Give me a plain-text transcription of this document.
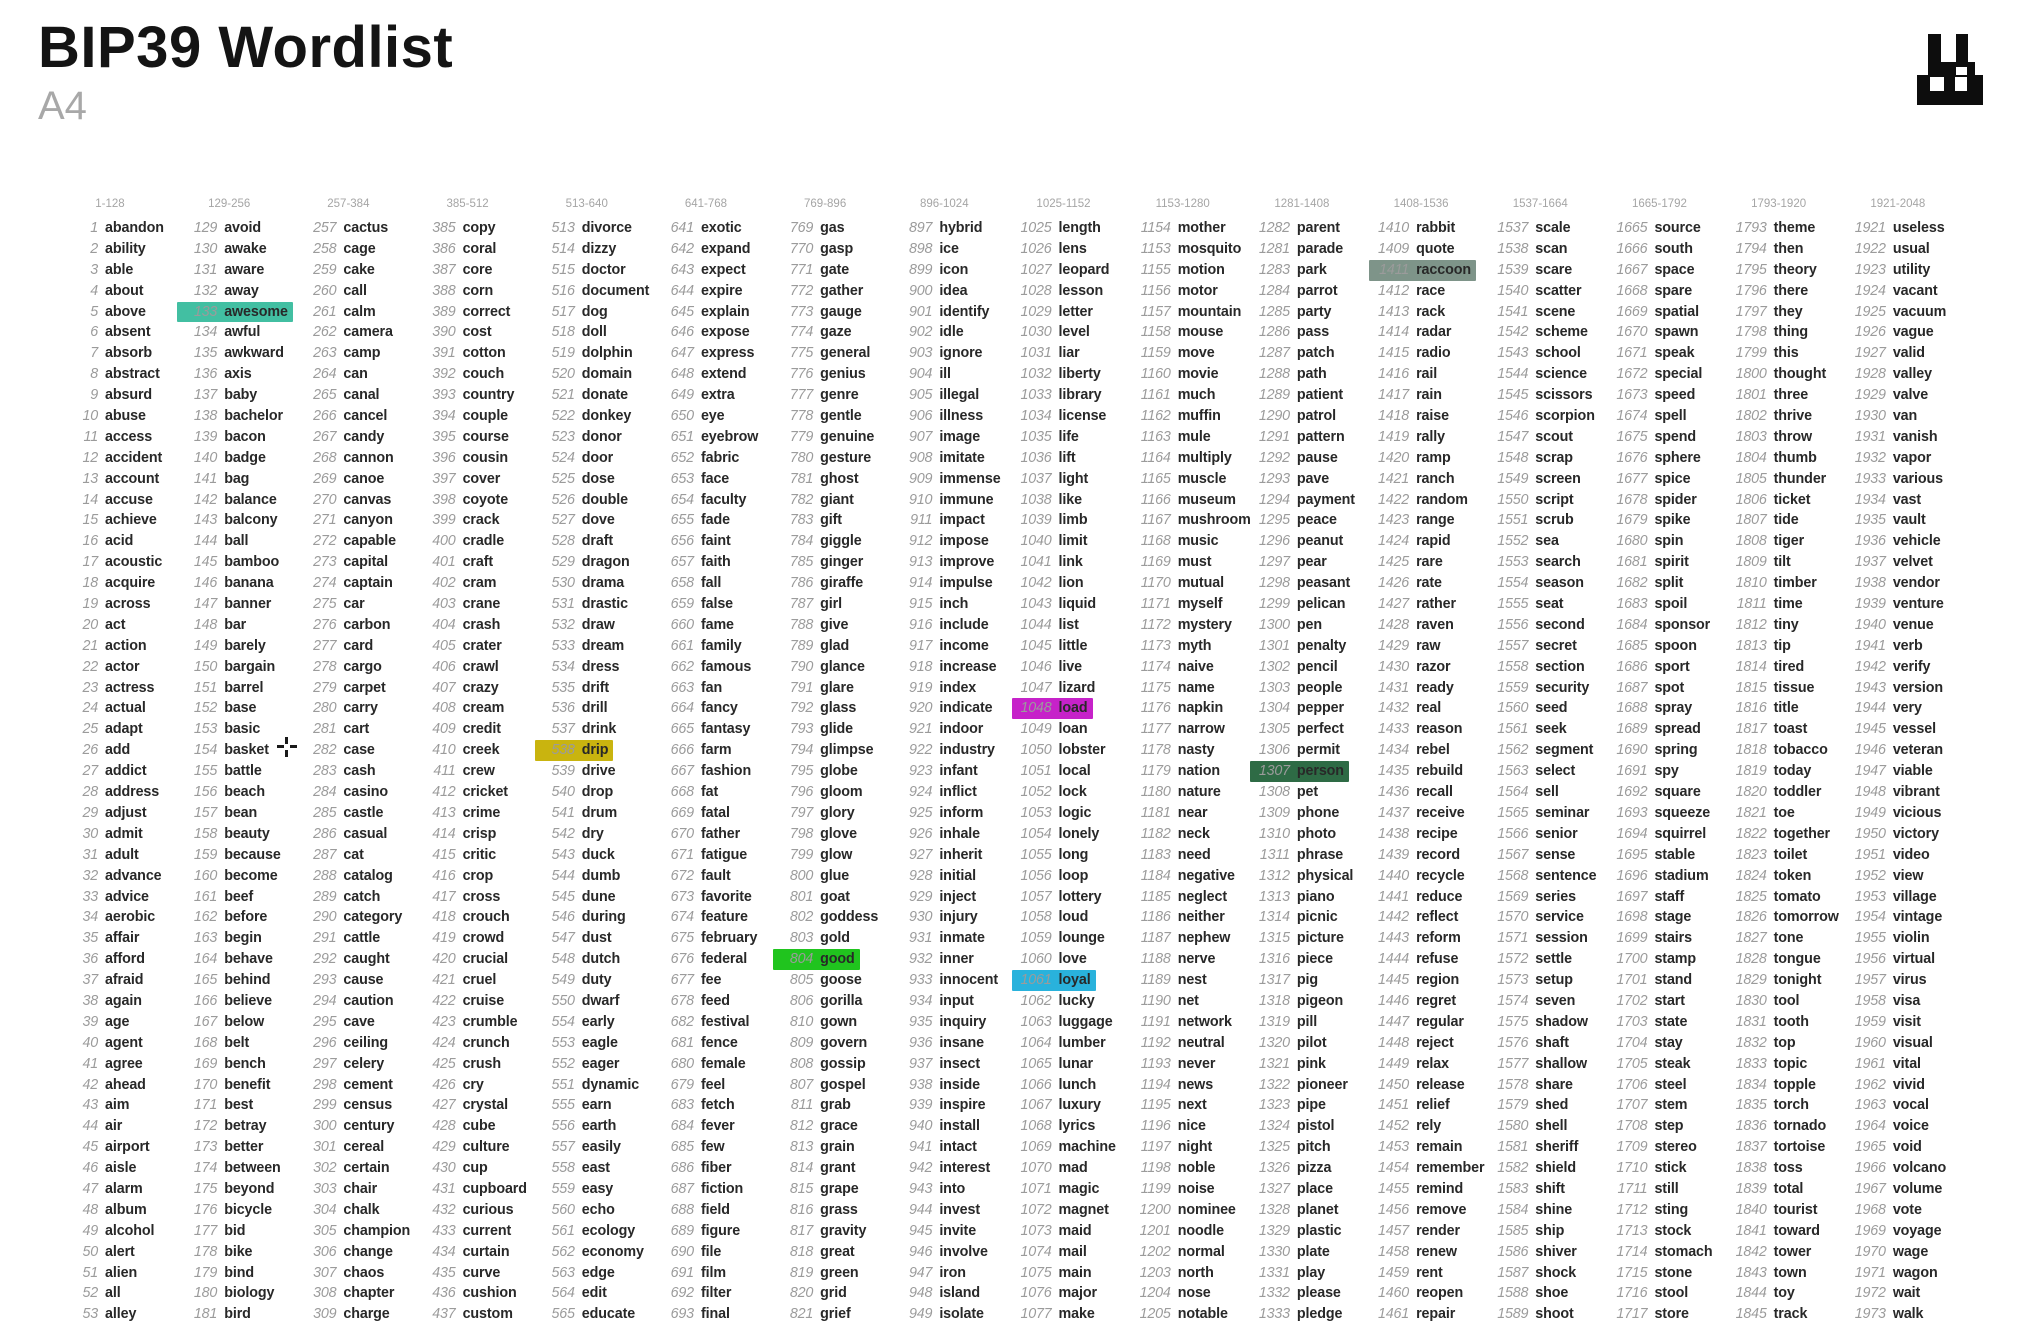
BIP39 Wordlist
A4
1-128
1 abandon
2 ability
3 able
4 about
5 above
6 absent
7 absorb
8 abstract
9 absurd
10 abuse
11 access
12 accident
13 account
14 accuse
15 achieve
16 acid
17 acoustic
18 acquire
19 across
20 act
21 action
22 actor
23 actress
24 actual
25 adapt
26 add
27 addict
28 address
29 adjust
30 admit
31 adult
32 advance
33 advice
34 aerobic
35 affair
36 afford
37 afraid
38 again
39 age
40 agent
41 agree
42 ahead
43 aim
44 air
45 airport
46 aisle
47 alarm
48 album
49 alcohol
50 alert
51 alien
52 all
53 alley
129-256
129 avoid
130 awake
131 aware
132 away
133 awesome
134 awful
135 awkward
136 axis
137 baby
138 bachelor
139 bacon
140 badge
141 bag
142 balance
143 balcony
144 ball
145 bamboo
146 banana
147 banner
148 bar
149 barely
150 bargain
151 barrel
152 base
153 basic
154 basket
155 battle
156 beach
157 bean
158 beauty
159 because
160 become
161 beef
162 before
163 begin
164 behave
165 behind
166 believe
167 below
168 belt
169 bench
170 benefit
171 best
172 betray
173 better
174 between
175 beyond
176 bicycle
177 bid
178 bike
179 bind
180 biology
181 bird
257-384
257 cactus
258 cage
259 cake
260 call
261 calm
262 camera
263 camp
264 can
265 canal
266 cancel
267 candy
268 cannon
269 canoe
270 canvas
271 canyon
272 capable
273 capital
274 captain
275 car
276 carbon
277 card
278 cargo
279 carpet
280 carry
281 cart
282 case
283 cash
284 casino
285 castle
286 casual
287 cat
288 catalog
289 catch
290 category
291 cattle
292 caught
293 cause
294 caution
295 cave
296 ceiling
297 celery
298 cement
299 census
300 century
301 cereal
302 certain
303 chair
304 chalk
305 champion
306 change
307 chaos
308 chapter
309 charge
385-512
385 copy
386 coral
387 core
388 corn
389 correct
390 cost
391 cotton
392 couch
393 country
394 couple
395 course
396 cousin
397 cover
398 coyote
399 crack
400 cradle
401 craft
402 cram
403 crane
404 crash
405 crater
406 crawl
407 crazy
408 cream
409 credit
410 creek
411 crew
412 cricket
413 crime
414 crisp
415 critic
416 crop
417 cross
418 crouch
419 crowd
420 crucial
421 cruel
422 cruise
423 crumble
424 crunch
425 crush
426 cry
427 crystal
428 cube
429 culture
430 cup
431 cupboard
432 curious
433 current
434 curtain
435 curve
436 cushion
437 custom
513-640
513 divorce
514 dizzy
515 doctor
516 document
517 dog
518 doll
519 dolphin
520 domain
521 donate
522 donkey
523 donor
524 door
525 dose
526 double
527 dove
528 draft
529 dragon
530 drama
531 drastic
532 draw
533 dream
534 dress
535 drift
536 drill
537 drink
538 drip
539 drive
540 drop
541 drum
542 dry
543 duck
544 dumb
545 dune
546 during
547 dust
548 dutch
549 duty
550 dwarf
554 early
553 eagle
552 eager
551 dynamic
555 earn
556 earth
557 easily
558 east
559 easy
560 echo
561 ecology
562 economy
563 edge
564 edit
565 educate
641-768
641 exotic
642 expand
643 expect
644 expire
645 explain
646 expose
647 express
648 extend
649 extra
650 eye
651 eyebrow
652 fabric
653 face
654 faculty
655 fade
656 faint
657 faith
658 fall
659 false
660 fame
661 family
662 famous
663 fan
664 fancy
665 fantasy
666 farm
667 fashion
668 fat
669 fatal
670 father
671 fatigue
672 fault
673 favorite
674 feature
675 february
676 federal
677 fee
678 feed
682 festival
681 fence
680 female
679 feel
683 fetch
684 fever
685 few
686 fiber
687 fiction
688 field
689 figure
690 file
691 film
692 filter
693 final
769-896
769 gas
770 gasp
771 gate
772 gather
773 gauge
774 gaze
775 general
776 genius
777 genre
778 gentle
779 genuine
780 gesture
781 ghost
782 giant
783 gift
784 giggle
785 ginger
786 giraffe
787 girl
788 give
789 glad
790 glance
791 glare
792 glass
793 glide
794 glimpse
795 globe
796 gloom
797 glory
798 glove
799 glow
800 glue
801 goat
802 goddess
803 gold
804 good
805 goose
806 gorilla
810 gown
809 govern
808 gossip
807 gospel
811 grab
812 grace
813 grain
814 grant
815 grape
816 grass
817 gravity
818 great
819 green
820 grid
821 grief
896-1024
897 hybrid
898 ice
899 icon
900 idea
901 identify
902 idle
903 ignore
904 ill
905 illegal
906 illness
907 image
908 imitate
909 immense
910 immune
911 impact
912 impose
913 improve
914 impulse
915 inch
916 include
917 income
918 increase
919 index
920 indicate
921 indoor
922 industry
923 infant
924 inflict
925 inform
926 inhale
927 inherit
928 initial
929 inject
930 injury
931 inmate
932 inner
933 innocent
934 input
935 inquiry
936 insane
937 insect
938 inside
939 inspire
940 install
941 intact
942 interest
943 into
944 invest
945 invite
946 involve
947 iron
948 island
949 isolate
1025-1152
1025 length
1026 lens
1027 leopard
1028 lesson
1029 letter
1030 level
1031 liar
1032 liberty
1033 library
1034 license
1035 life
1036 lift
1037 light
1038 like
1039 limb
1040 limit
1041 link
1042 lion
1043 liquid
1044 list
1045 little
1046 live
1047 lizard
1048 load
1049 loan
1050 lobster
1051 local
1052 lock
1053 logic
1054 lonely
1055 long
1056 loop
1057 lottery
1058 loud
1059 lounge
1060 love
1061 loyal
1062 lucky
1063 luggage
1064 lumber
1065 lunar
1066 lunch
1067 luxury
1068 lyrics
1069 machine
1070 mad
1071 magic
1072 magnet
1073 maid
1074 mail
1075 main
1076 major
1077 make
1153-1280
1154 mother
1153 mosquito
1155 motion
1156 motor
1157 mountain
1158 mouse
1159 move
1160 movie
1161 much
1162 muffin
1163 mule
1164 multiply
1165 muscle
1166 museum
1167 mushroom
1168 music
1169 must
1170 mutual
1171 myself
1172 mystery
1173 myth
1174 naive
1175 name
1176 napkin
1177 narrow
1178 nasty
1179 nation
1180 nature
1181 near
1182 neck
1183 need
1184 negative
1185 neglect
1186 neither
1187 nephew
1188 nerve
1189 nest
1190 net
1191 network
1192 neutral
1193 never
1194 news
1195 next
1196 nice
1197 night
1198 noble
1199 noise
1200 nominee
1201 noodle
1202 normal
1203 north
1204 nose
1205 notable
1281-1408
1282 parent
1281 parade
1283 park
1284 parrot
1285 party
1286 pass
1287 patch
1288 path
1289 patient
1290 patrol
1291 pattern
1292 pause
1293 pave
1294 payment
1295 peace
1296 peanut
1297 pear
1298 peasant
1299 pelican
1300 pen
1301 penalty
1302 pencil
1303 people
1304 pepper
1305 perfect
1306 permit
1307 person
1308 pet
1309 phone
1310 photo
1311 phrase
1312 physical
1313 piano
1314 picnic
1315 picture
1316 piece
1317 pig
1318 pigeon
1319 pill
1320 pilot
1321 pink
1322 pioneer
1323 pipe
1324 pistol
1325 pitch
1326 pizza
1327 place
1328 planet
1329 plastic
1330 plate
1331 play
1332 please
1333 pledge
1408-1536
1410 rabbit
1409 quote
1411 raccoon
1412 race
1413 rack
1414 radar
1415 radio
1416 rail
1417 rain
1418 raise
1419 rally
1420 ramp
1421 ranch
1422 random
1423 range
1424 rapid
1425 rare
1426 rate
1427 rather
1428 raven
1429 raw
1430 razor
1431 ready
1432 real
1433 reason
1434 rebel
1435 rebuild
1436 recall
1437 receive
1438 recipe
1439 record
1440 recycle
1441 reduce
1442 reflect
1443 reform
1444 refuse
1445 region
1446 regret
1447 regular
1448 reject
1449 relax
1450 release
1451 relief
1452 rely
1453 remain
1454 remember
1455 remind
1456 remove
1457 render
1458 renew
1459 rent
1460 reopen
1461 repair
1537-1664
1537 scale
1538 scan
1539 scare
1540 scatter
1541 scene
1542 scheme
1543 school
1544 science
1545 scissors
1546 scorpion
1547 scout
1548 scrap
1549 screen
1550 script
1551 scrub
1552 sea
1553 search
1554 season
1555 seat
1556 second
1557 secret
1558 section
1559 security
1560 seed
1561 seek
1562 segment
1563 select
1564 sell
1565 seminar
1566 senior
1567 sense
1568 sentence
1569 series
1570 service
1571 session
1572 settle
1573 setup
1574 seven
1575 shadow
1576 shaft
1577 shallow
1578 share
1579 shed
1580 shell
1581 sheriff
1582 shield
1583 shift
1584 shine
1585 ship
1586 shiver
1587 shock
1588 shoe
1589 shoot
1665-1792
1665 source
1666 south
1667 space
1668 spare
1669 spatial
1670 spawn
1671 speak
1672 special
1673 speed
1674 spell
1675 spend
1676 sphere
1677 spice
1678 spider
1679 spike
1680 spin
1681 spirit
1682 split
1683 spoil
1684 sponsor
1685 spoon
1686 sport
1687 spot
1688 spray
1689 spread
1690 spring
1691 spy
1692 square
1693 squeeze
1694 squirrel
1695 stable
1696 stadium
1697 staff
1698 stage
1699 stairs
1700 stamp
1701 stand
1702 start
1703 state
1704 stay
1705 steak
1706 steel
1707 stem
1708 step
1709 stereo
1710 stick
1711 still
1712 sting
1713 stock
1714 stomach
1715 stone
1716 stool
1717 store
1793-1920
1793 theme
1794 then
1795 theory
1796 there
1797 they
1798 thing
1799 this
1800 thought
1801 three
1802 thrive
1803 throw
1804 thumb
1805 thunder
1806 ticket
1807 tide
1808 tiger
1809 tilt
1810 timber
1811 time
1812 tiny
1813 tip
1814 tired
1815 tissue
1816 title
1817 toast
1818 tobacco
1819 today
1820 toddler
1821 toe
1822 together
1823 toilet
1824 token
1825 tomato
1826 tomorrow
1827 tone
1828 tongue
1829 tonight
1830 tool
1831 tooth
1832 top
1833 topic
1834 topple
1835 torch
1836 tornado
1837 tortoise
1838 toss
1839 total
1840 tourist
1841 toward
1842 tower
1843 town
1844 toy
1845 track
1921-2048
1921 useless
1922 usual
1923 utility
1924 vacant
1925 vacuum
1926 vague
1927 valid
1928 valley
1929 valve
1930 van
1931 vanish
1932 vapor
1933 various
1934 vast
1935 vault
1936 vehicle
1937 velvet
1938 vendor
1939 venture
1940 venue
1941 verb
1942 verify
1943 version
1944 very
1945 vessel
1946 veteran
1947 viable
1948 vibrant
1949 vicious
1950 victory
1951 video
1952 view
1953 village
1954 vintage
1955 violin
1956 virtual
1957 virus
1958 visa
1959 visit
1960 visual
1961 vital
1962 vivid
1963 vocal
1964 voice
1965 void
1966 volcano
1967 volume
1968 vote
1969 voyage
1970 wage
1971 wagon
1972 wait
1973 walk
